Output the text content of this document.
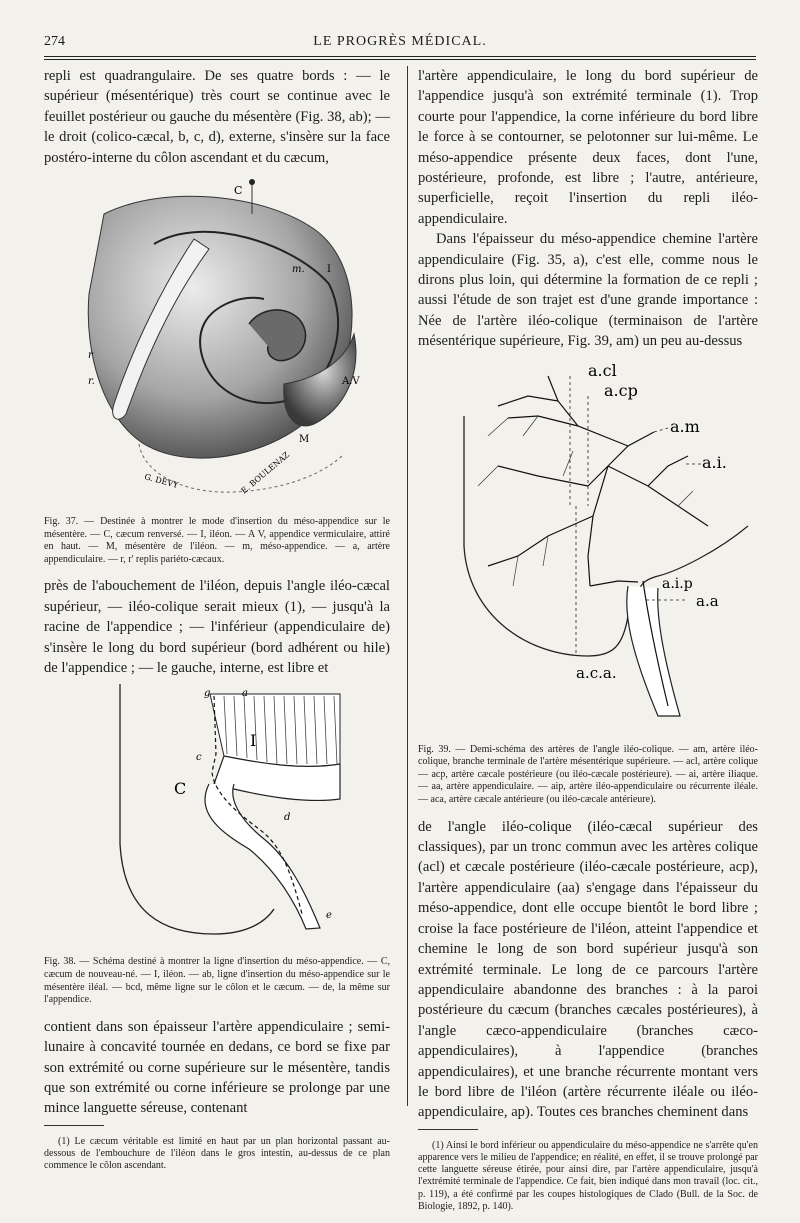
274	LE PROGRÈS MÉDICAL.

repli est quadrangulaire. De ses quatre bords : — le supérieur (mésentérique) très court se continue avec le feuillet postérieur ou gauche du mésentère (Fig. 38, ab); — le droit (colico-cæcal, b, c, d), externe, s'insère sur la face postéro-interne du côlon ascendant et du cæcum,

C
m. I
r
r.	A.V
M
G. DEVY	E. BOULENAZ

Fig. 37. — Destinée à montrer le mode d'insertion du méso-appendice sur le mésentère. — C, cæcum renversé. — I, iléon. — A V, appendice vermiculaire, attiré en haut. — M, mésentère de l'iléon. — m, méso-appendice. — a, artère appendiculaire. — r, r' replis pariéto-cæcaux.

près de l'abouchement de l'iléon, depuis l'angle iléo-cæcal supérieur, — iléo-colique serait mieux (1), — jusqu'à la racine de l'appendice ; — l'inférieur (appendiculaire de) s'insère le long du bord supérieur (bord adhérent ou hile) de l'appendice ; — le gauche, interne, est libre et

g	a
I
c
C
d
e

Fig. 38. — Schéma destiné à montrer la ligne d'insertion du méso-appendice. — C, cæcum de nouveau-né. — I, iléon. — ab, ligne d'insertion du méso-appendice sur le mésentère iléal. — bcd, même ligne sur le côlon et le cæcum. — de, la même sur l'appendice.

contient dans son épaisseur l'artère appendiculaire ; semi-lunaire à concavité tournée en dedans, ce bord se fixe par son extrémité ou corne supérieure sur le mésentère, tandis que son extrémité ou corne inférieure se prolonge par une mince languette séreuse, contenant

(1) Le cæcum véritable est limité en haut par un plan horizontal passant au-dessous de l'embouchure de l'iléon dans le gros intestin, au-dessus de ce plan commence le côlon ascendant.

l'artère appendiculaire, le long du bord supérieur de l'appendice jusqu'à son extrémité terminale (1). Trop courte pour l'appendice, la corne inférieure du bord libre le force à se contourner, se pelotonner sur lui-même. Le méso-appendice présente deux faces, dont l'une, postérieure, profonde, est libre ; l'autre, antérieure, superficielle, reçoit l'insertion du repli iléo-appendiculaire.

Dans l'épaisseur du méso-appendice chemine l'artère appendiculaire (Fig. 35, a), c'est elle, comme nous le dirons plus loin, qui détermine la formation de ce repli ; aussi l'étude de son trajet est d'une grande importance : Née de l'artère iléo-colique (terminaison de l'artère mésentérique supérieure, Fig. 39, am) un peu au-dessus

a.cl
a.cp
a.m
a.i.
a.i.p
a.a
a.c.a.

Fig. 39. — Demi-schéma des artères de l'angle iléo-colique. — am, artère iléo-colique, branche terminale de l'artère mésentérique supérieure. — acl, artère colique — acp, artère cæcale postérieure (ou iléo-cæcale postérieure). — ai, artère iliaque. — aa, artère appendiculaire. — aip, artère iléo-appendiculaire ou récurrente iléale. — aca, artère cæcale antérieure (ou iléo-cæcale antérieure).

de l'angle iléo-colique (iléo-cæcal supérieur des classiques), par un tronc commun avec les artères colique (acl) et cæcale postérieure (iléo-cæcale postérieure, acp), l'artère appendiculaire (aa) s'engage dans l'épaisseur du méso-appendice, dont elle occupe bientôt le bord libre ; croise la face postérieure de l'iléon, atteint l'appendice et chemine le long de son bord supérieur jusqu'à son extrémité terminale. Le long de ce parcours l'artère appendiculaire abandonne des branches : à la paroi postérieure du cæcum (branches cæcales postérieures), à l'angle cæco-appendiculaire (branches cæco-appendiculaires), à l'appendice (branches appendiculaires), et une branche récurrente montant vers le bord libre de l'iléon (artère récurrente iléale ou iléo-appendiculaire, ap). Toutes ces branches cheminent dans

(1) Ainsi le bord inférieur ou appendiculaire du méso-appendice ne s'arrête qu'en apparence vers le milieu de l'appendice; en réalité, en effet, il se trouve prolongé par cette languette séreuse étirée, pour ainsi dire, par l'artère appendiculaire, jusqu'à l'extrémité terminale de l'appendice. Ce fait, bien indiqué dans mon travail (loc. cit., p. 119), a été confirmé par les coupes histologiques de Clado (Bull. de la Soc. de Biologie, 1892, p. 140).
